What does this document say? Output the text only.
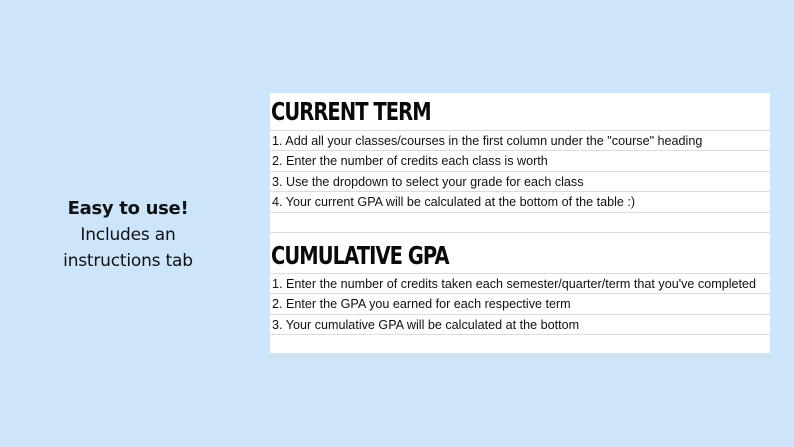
Easy to use!
Includes an
instructions tab
CURRENT TERM
1. Add all your classes/courses in the first column under the "course" heading
2. Enter the number of credits each class is worth
3. Use the dropdown to select your grade for each class
4. Your current GPA will be calculated at the bottom of the table :)
CUMULATIVE GPA
1. Enter the number of credits taken each semester/quarter/term that you've completed
2. Enter the GPA you earned for each respective term
3. Your cumulative GPA will be calculated at the bottom
